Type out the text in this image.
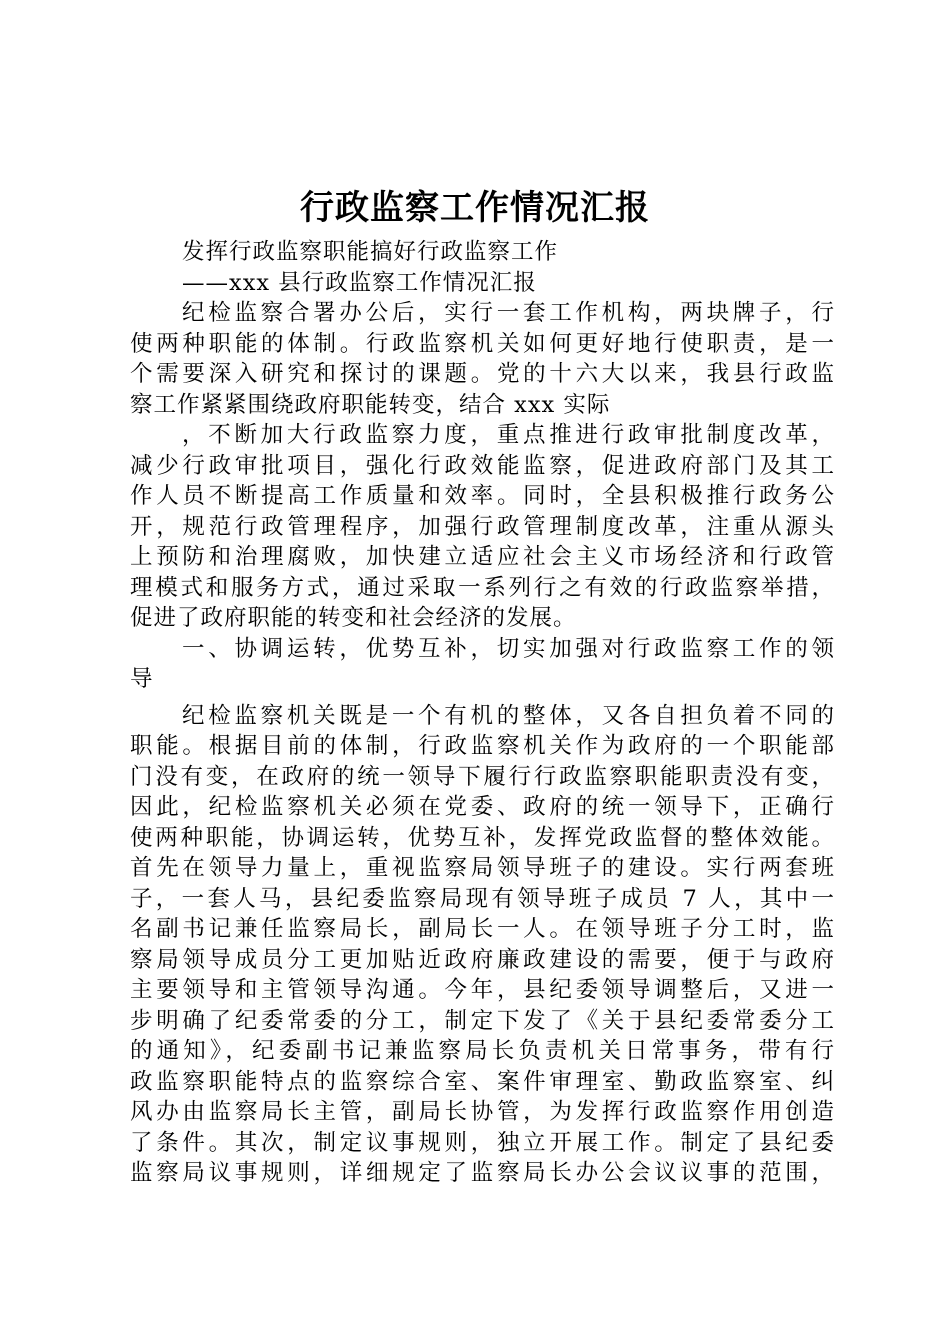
行政监察工作情况汇报
发挥行政监察职能搞好行政监察工作
——xxx 县行政监察工作情况汇报
纪检监察合署办公后，实行一套工作机构，两块牌子，行
使两种职能的体制。行政监察机关如何更好地行使职责，是一
个需要深入研究和探讨的课题。党的十六大以来，我县行政监
察工作紧紧围绕政府职能转变，结合 xxx 实际
，不断加大行政监察力度，重点推进行政审批制度改革，
减少行政审批项目，强化行政效能监察，促进政府部门及其工
作人员不断提高工作质量和效率。同时，全县积极推行政务公
开，规范行政管理程序，加强行政管理制度改革，注重从源头
上预防和治理腐败，加快建立适应社会主义市场经济和行政管
理模式和服务方式，通过采取一系列行之有效的行政监察举措，
促进了政府职能的转变和社会经济的发展。
一、协调运转，优势互补，切实加强对行政监察工作的领
导
纪检监察机关既是一个有机的整体，又各自担负着不同的
职能。根据目前的体制，行政监察机关作为政府的一个职能部
门没有变，在政府的统一领导下履行行政监察职能职责没有变，
因此，纪检监察机关必须在党委、政府的统一领导下，正确行
使两种职能，协调运转，优势互补，发挥党政监督的整体效能。
首先在领导力量上，重视监察局领导班子的建设。实行两套班
子，一套人马，县纪委监察局现有领导班子成员 7 人，其中一
名副书记兼任监察局长，副局长一人。在领导班子分工时，监
察局领导成员分工更加贴近政府廉政建设的需要，便于与政府
主要领导和主管领导沟通。今年，县纪委领导调整后，又进一
步明确了纪委常委的分工，制定下发了《关于县纪委常委分工
的通知》，纪委副书记兼监察局长负责机关日常事务，带有行
政监察职能特点的监察综合室、案件审理室、勤政监察室、纠
风办由监察局长主管，副局长协管，为发挥行政监察作用创造
了条件。其次，制定议事规则，独立开展工作。制定了县纪委
监察局议事规则，详细规定了监察局长办公会议议事的范围，
